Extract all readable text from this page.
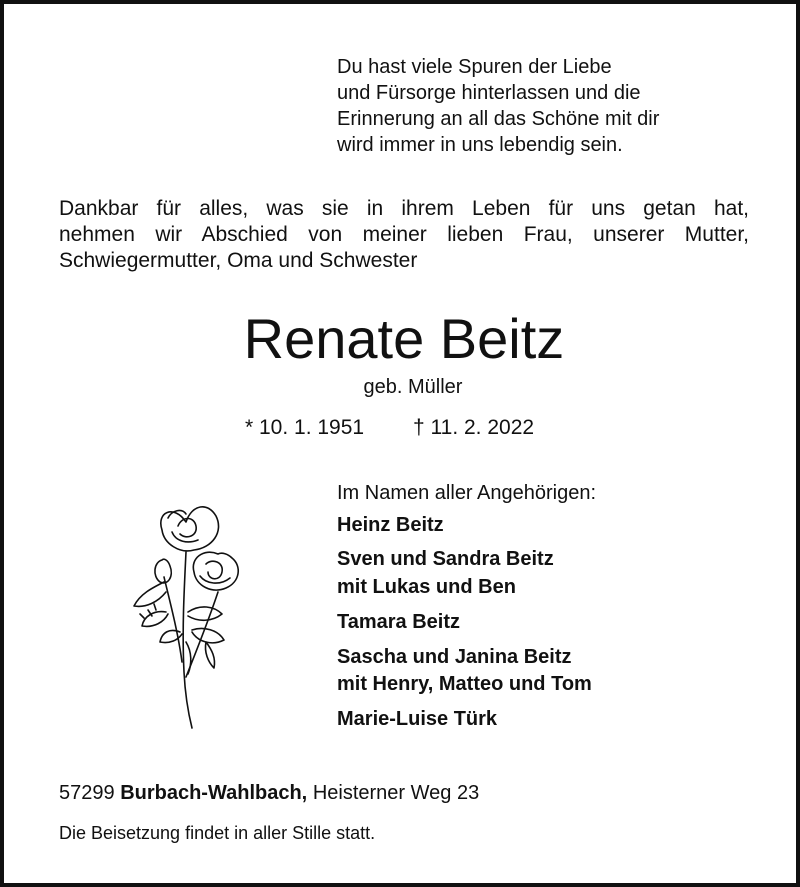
Du hast viele Spuren der Liebe
und Fürsorge hinterlassen und die
Erinnerung an all das Schöne mit dir
wird immer in uns lebendig sein.
Dankbar für alles, was sie in ihrem Leben für uns getan hat,
nehmen wir Abschied von meiner lieben Frau, unserer Mutter,
Schwiegermutter, Oma und Schwester
Renate Beitz
geb. Müller
* 10. 1. 1951 † 11. 2. 2022
Im Namen aller Angehörigen:
Heinz Beitz
Sven und Sandra Beitz
mit Lukas und Ben
Tamara Beitz
Sascha und Janina Beitz
mit Henry, Matteo und Tom
Marie-Luise Türk
57299 Burbach-Wahlbach, Heisterner Weg 23
Die Beisetzung findet in aller Stille statt.
